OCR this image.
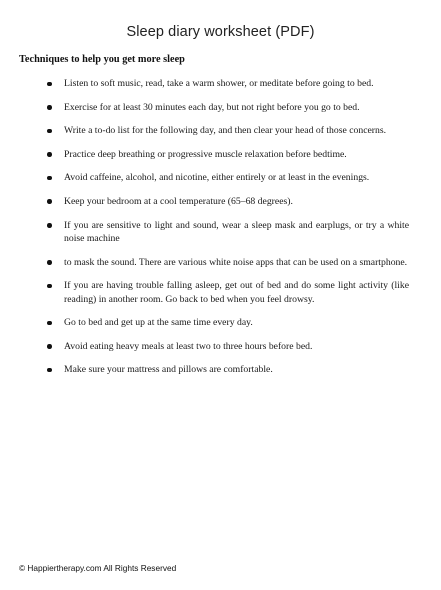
Sleep diary worksheet (PDF)
Techniques to help you get more sleep
Listen to soft music, read, take a warm shower, or meditate before going to bed.
Exercise for at least 30 minutes each day, but not right before you go to bed.
Write a to-do list for the following day, and then clear your head of those concerns.
Practice deep breathing or progressive muscle relaxation before bedtime.
Avoid caffeine, alcohol, and nicotine, either entirely or at least in the evenings.
Keep your bedroom at a cool temperature (65–68 degrees).
If you are sensitive to light and sound, wear a sleep mask and earplugs, or try a white noise machine
to mask the sound. There are various white noise apps that can be used on a smartphone.
If you are having trouble falling asleep, get out of bed and do some light activity (like reading) in another room. Go back to bed when you feel drowsy.
Go to bed and get up at the same time every day.
Avoid eating heavy meals at least two to three hours before bed.
Make sure your mattress and pillows are comfortable.
© Happiertherapy.com All Rights Reserved
